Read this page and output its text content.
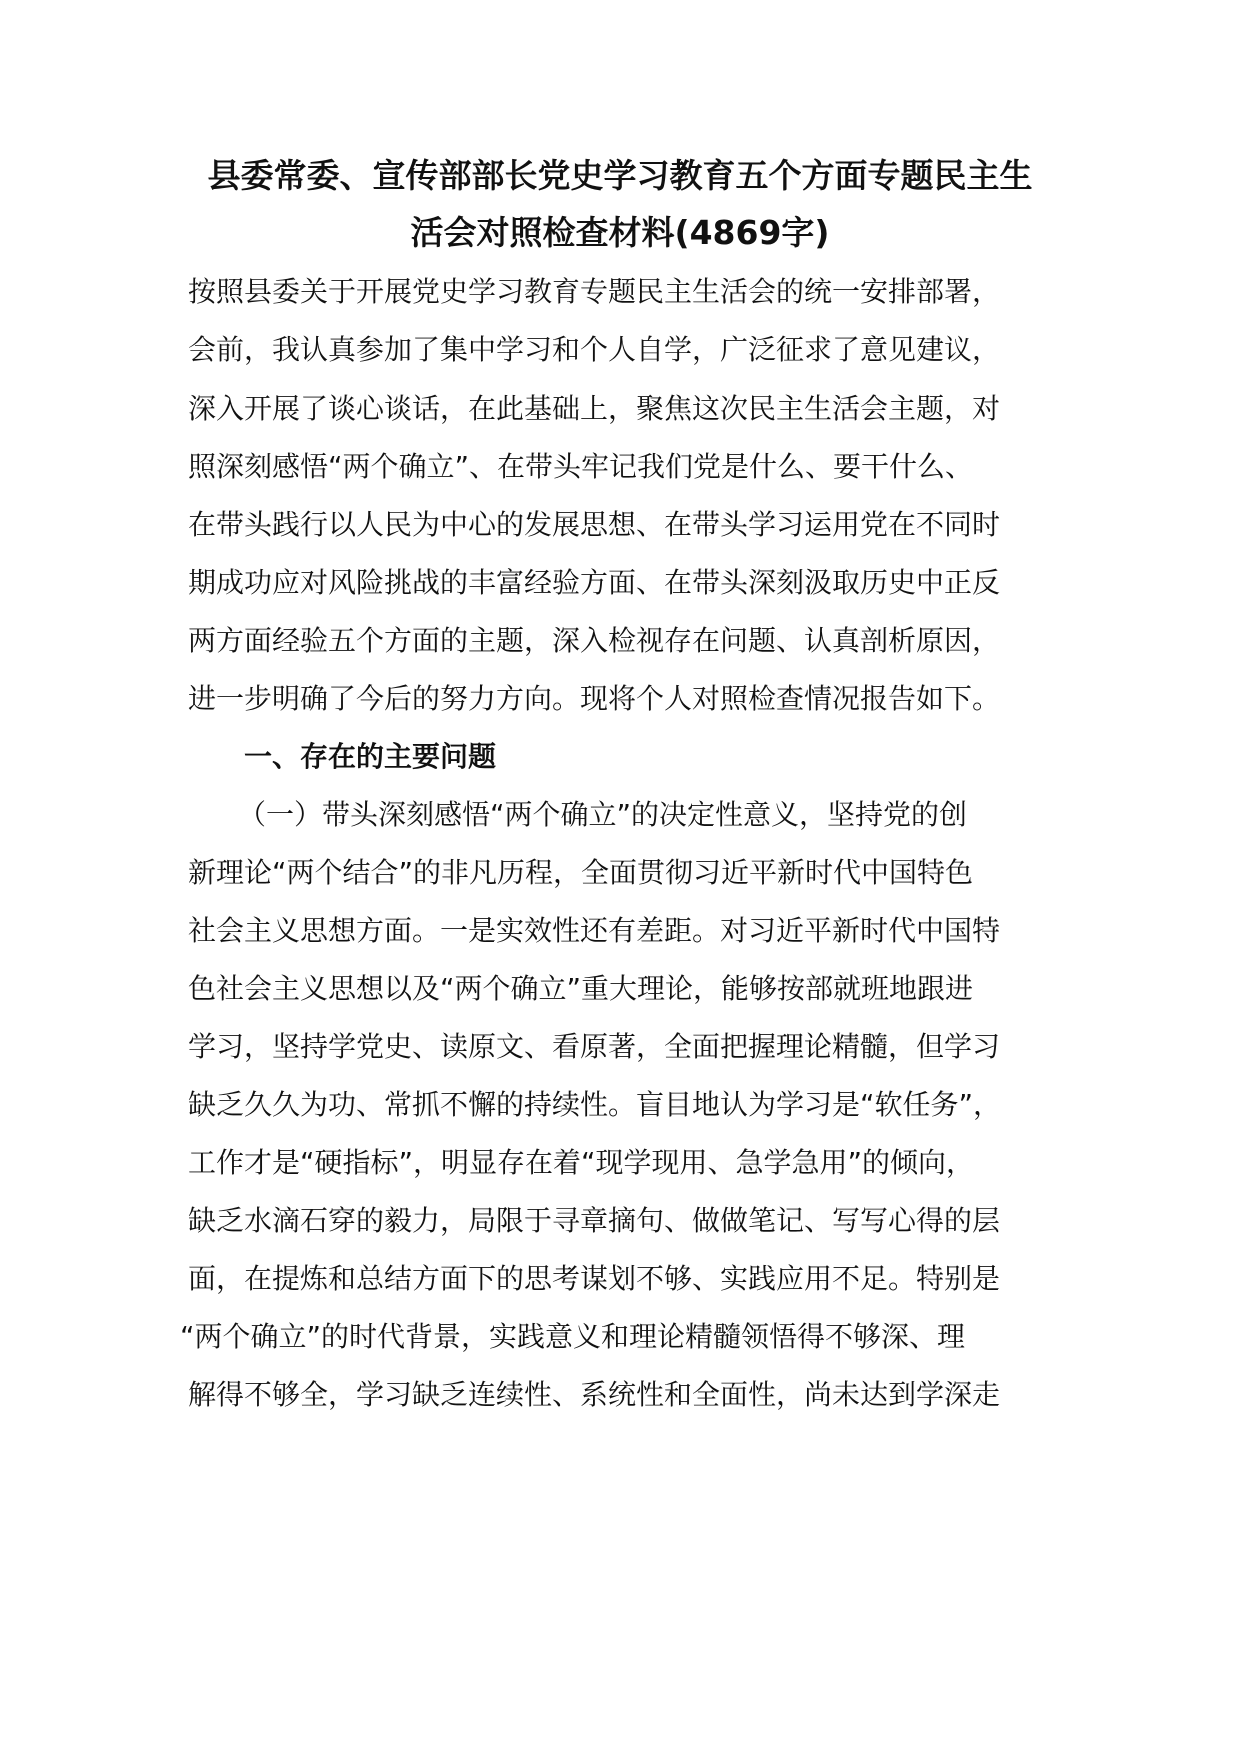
县委常委、宣传部部长党史学习教育五个方面专题民主生
活会对照检查材料(4869字)
按照县委关于开展党史学习教育专题民主生活会的统一安排部署，
会前，我认真参加了集中学习和个人自学，广泛征求了意见建议，
深入开展了谈心谈话，在此基础上，聚焦这次民主生活会主题，对
照深刻感悟“两个确立”、在带头牢记我们党是什么、要干什么、
在带头践行以人民为中心的发展思想、在带头学习运用党在不同时
期成功应对风险挑战的丰富经验方面、在带头深刻汲取历史中正反
两方面经验五个方面的主题，深入检视存在问题、认真剖析原因，
进一步明确了今后的努力方向。现将个人对照检查情况报告如下。
一、存在的主要问题
（一）带头深刻感悟“两个确立”的决定性意义，坚持党的创
新理论“两个结合”的非凡历程，全面贯彻习近平新时代中国特色
社会主义思想方面。一是实效性还有差距。对习近平新时代中国特
色社会主义思想以及“两个确立”重大理论，能够按部就班地跟进
学习，坚持学党史、读原文、看原著，全面把握理论精髓，但学习
缺乏久久为功、常抓不懈的持续性。盲目地认为学习是“软任务”，
工作才是“硬指标”，明显存在着“现学现用、急学急用”的倾向，
缺乏水滴石穿的毅力，局限于寻章摘句、做做笔记、写写心得的层
面，在提炼和总结方面下的思考谋划不够、实践应用不足。特别是
“两个确立”的时代背景，实践意义和理论精髓领悟得不够深、理
解得不够全，学习缺乏连续性、系统性和全面性，尚未达到学深走
